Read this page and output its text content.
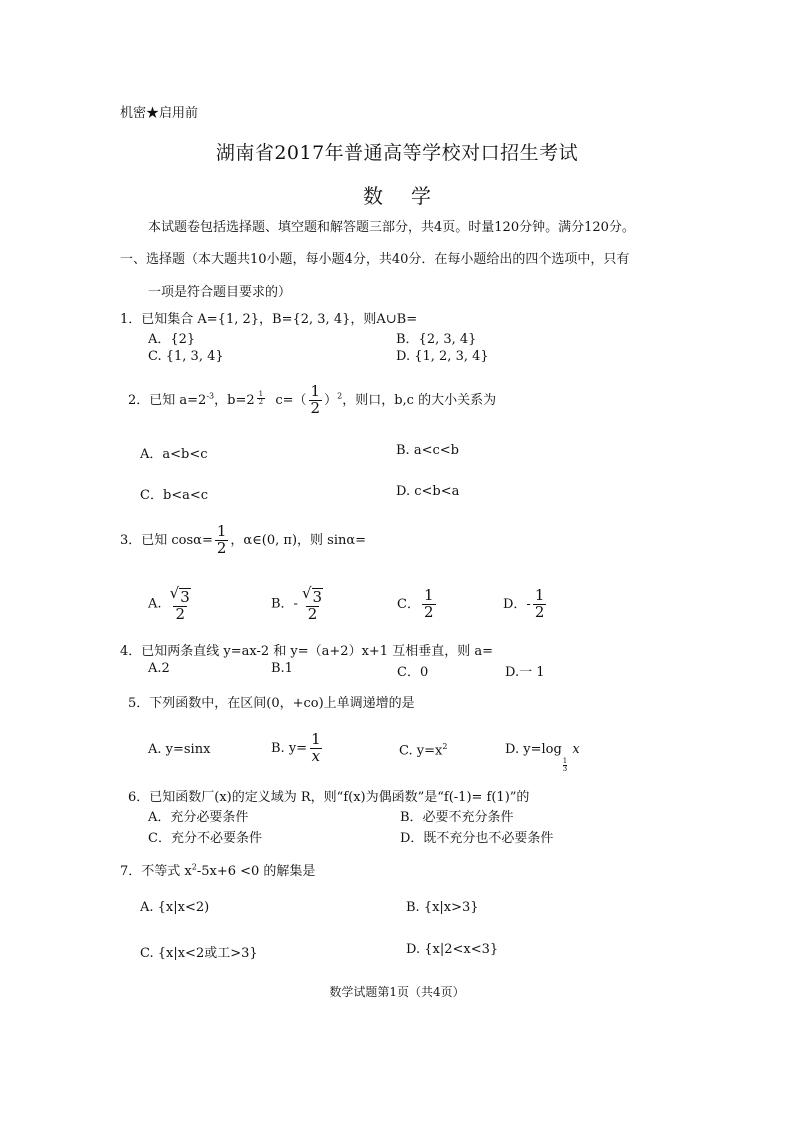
机密★启用前
湖南省2017年普通高等学校对口招生考试
数学
本试题卷包括选择题、填空题和解答题三部分，共4页。时量120分钟。满分120分。
一、选择题（本大题共10小题，每小题4分，共40分．在每小题给出的四个选项中，只有
一项是符合题目要求的）
1．已知集合 A={1, 2}，B={2, 3, 4}，则A∪B=
A．{2}	B．{2, 3, 4}
C. {1, 3, 4}	D. {1, 2, 3, 4}
2．已知 $a=2^{-3}$，$b=2 \frac{1}{2} c=( \frac{1}{2} )^2$，则口，b,c 的大小关系为
A．a<b<c	B. a<c<b
C．b<a<c	D. c<b<a
3．已知 $\cos\alpha= \frac{1}{2}$ ，α∈(0, π)，则 sinα=
A. $\frac{√ 3}{2}$	B．- $\frac{√ 3}{2}$	C． $\frac{1}{2}$	D．- $\frac{1}{2}$
4．已知两条直线 y=ax-2 和 y=（a+2）x+1 互相垂直，则 a=
A.2	B.1	C．0	D.一 1
5．下列函数中，在区间(0，+co)上单调递增的是
A. y=sinx	B. $y= \frac{1}{x}$	C. $y=x^2$	D. y=log
$\frac{1}{3}$
x
6．已知函数厂(x)的定义域为 R，则“f(x)为偶函数”是“f(-1)= f(1)”的
A．充分必要条件	B．必要不充分条件
C．充分不必要条件	D．既不充分也不必要条件
7．不等式 $x^2-5x+6 <0$ 的解集是
A. {x|x<2)	B. {x|x>3}
C. {x|x<2或工>3}	D. {x|2<x<3}
数学试题第1页（共4页）
